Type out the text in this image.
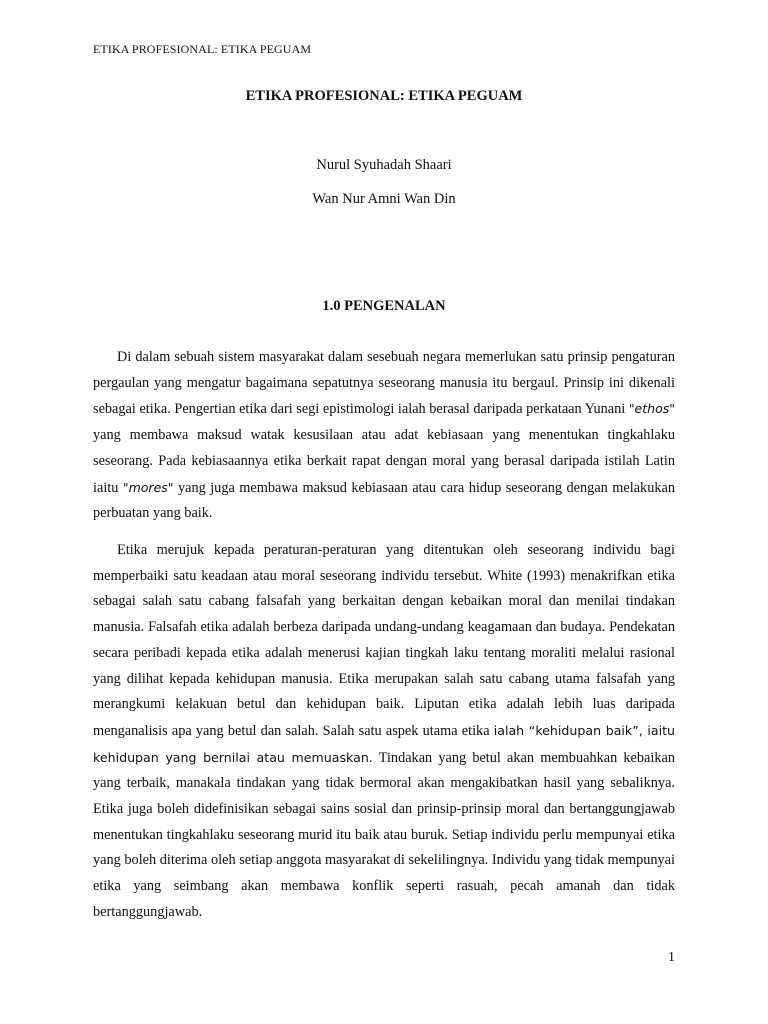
ETIKA PROFESIONAL: ETIKA PEGUAM
ETIKA PROFESIONAL: ETIKA PEGUAM
Nurul Syuhadah Shaari
Wan Nur Amni Wan Din
1.0 PENGENALAN

Di dalam sebuah sistem masyarakat dalam sesebuah negara memerlukan satu prinsip pengaturan pergaulan yang mengatur bagaimana sepatutnya seseorang manusia itu bergaul. Prinsip ini dikenali sebagai etika. Pengertian etika dari segi epistimologi ialah berasal daripada perkataan Yunani "ethos" yang membawa maksud watak kesusilaan atau adat kebiasaan yang menentukan tingkahlaku seseorang. Pada kebiasaannya etika berkait rapat dengan moral yang berasal daripada istilah Latin iaitu "mores" yang juga membawa maksud kebiasaan atau cara hidup seseorang dengan melakukan perbuatan yang baik.

Etika merujuk kepada peraturan-peraturan yang ditentukan oleh seseorang individu bagi memperbaiki satu keadaan atau moral seseorang individu tersebut. White (1993) menakrifkan etika sebagai salah satu cabang falsafah yang berkaitan dengan kebaikan moral dan menilai tindakan manusia. Falsafah etika adalah berbeza daripada undang-undang keagamaan dan budaya. Pendekatan secara peribadi kepada etika adalah menerusi kajian tingkah laku tentang moraliti melalui rasional yang dilihat kepada kehidupan manusia. Etika merupakan salah satu cabang utama falsafah yang merangkumi kelakuan betul dan kehidupan baik. Liputan etika adalah lebih luas daripada menganalisis apa yang betul dan salah. Salah satu aspek utama etika ialah “kehidupan baik”, iaitu kehidupan yang bernilai atau memuaskan. Tindakan yang betul akan membuahkan kebaikan yang terbaik, manakala tindakan yang tidak bermoral akan mengakibatkan hasil yang sebaliknya. Etika juga boleh didefinisikan sebagai sains sosial dan prinsip-prinsip moral dan bertanggungjawab menentukan tingkahlaku seseorang murid itu baik atau buruk. Setiap individu perlu mempunyai etika yang boleh diterima oleh setiap anggota masyarakat di sekelilingnya. Individu yang tidak mempunyai etika yang seimbang akan membawa konflik seperti rasuah, pecah amanah dan tidak bertanggungjawab.

1
